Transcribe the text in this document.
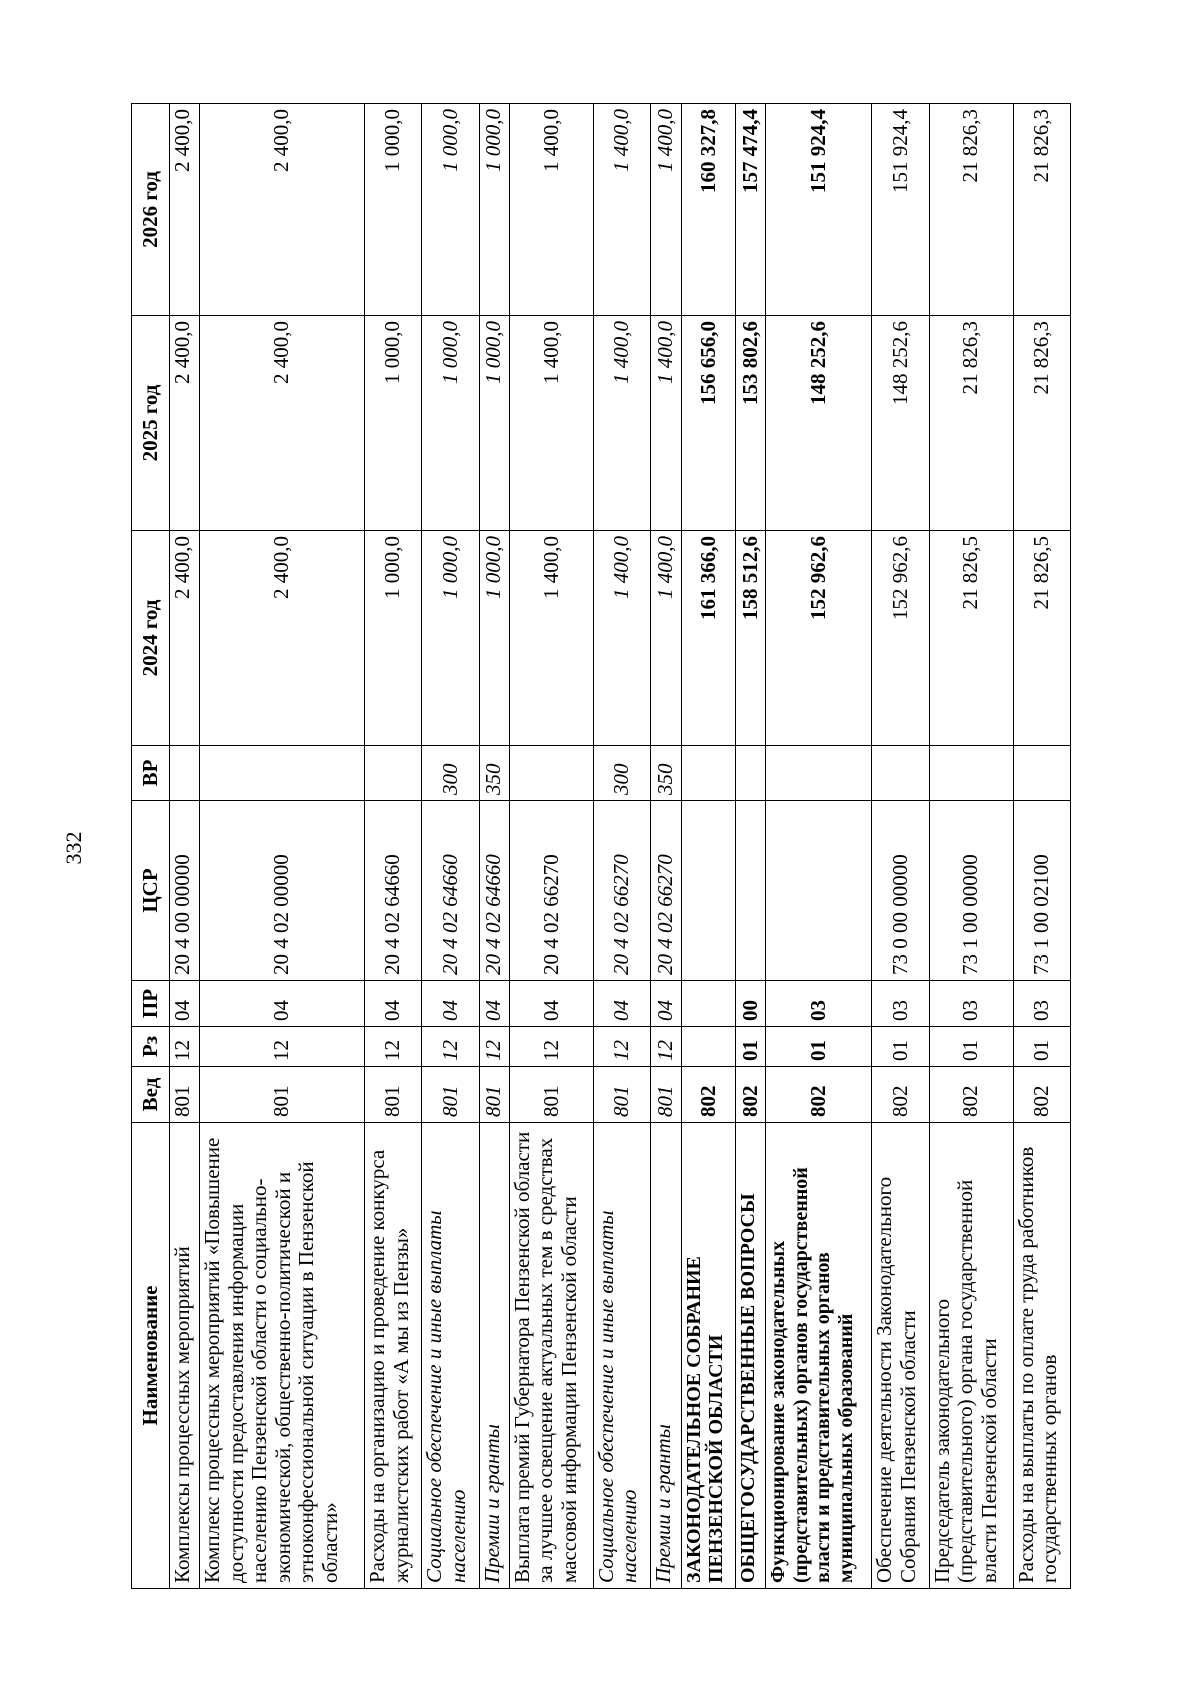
332
Наименование	Вед	Рз	ПР	ЦСР	ВР	2024 год	2025 год	2026 год
Комплексы процессных мероприятий	801	12	04	20 4 00 00000		2 400,0	2 400,0	2 400,0
Комплекс процессных мероприятий «Повышение доступности предоставления информации населению Пензенской области о социально-экономической, общественно-политической и этноконфессиональной ситуации в Пензенской области»	801	12	04	20 4 02 00000		2 400,0	2 400,0	2 400,0
Расходы на организацию и проведение конкурса журналистских работ «А мы из Пензы»	801	12	04	20 4 02 64660		1 000,0	1 000,0	1 000,0
Социальное обеспечение и иные выплаты населению	801	12	04	20 4 02 64660	300	1 000,0	1 000,0	1 000,0
Премии и гранты	801	12	04	20 4 02 64660	350	1 000,0	1 000,0	1 000,0
Выплата премий Губернатора Пензенской области за лучшее освещение актуальных тем в средствах массовой информации Пензенской области	801	12	04	20 4 02 66270		1 400,0	1 400,0	1 400,0
Социальное обеспечение и иные выплаты населению	801	12	04	20 4 02 66270	300	1 400,0	1 400,0	1 400,0
Премии и гранты	801	12	04	20 4 02 66270	350	1 400,0	1 400,0	1 400,0
ЗАКОНОДАТЕЛЬНОЕ СОБРАНИЕ ПЕНЗЕНСКОЙ ОБЛАСТИ	802					161 366,0	156 656,0	160 327,8
ОБЩЕГОСУДАРСТВЕННЫЕ ВОПРОСЫ	802	01	00			158 512,6	153 802,6	157 474,4
Функционирование законодательных (представительных) органов государственной власти и представительных органов муниципальных образований	802	01	03			152 962,6	148 252,6	151 924,4
Обеспечение деятельности Законодательного Собрания Пензенской области	802	01	03	73 0 00 00000		152 962,6	148 252,6	151 924,4
Председатель законодательного (представительного) органа государственной власти Пензенской области	802	01	03	73 1 00 00000		21 826,5	21 826,3	21 826,3
Расходы на выплаты по оплате труда работников государственных органов	802	01	03	73 1 00 02100		21 826,5	21 826,3	21 826,3
